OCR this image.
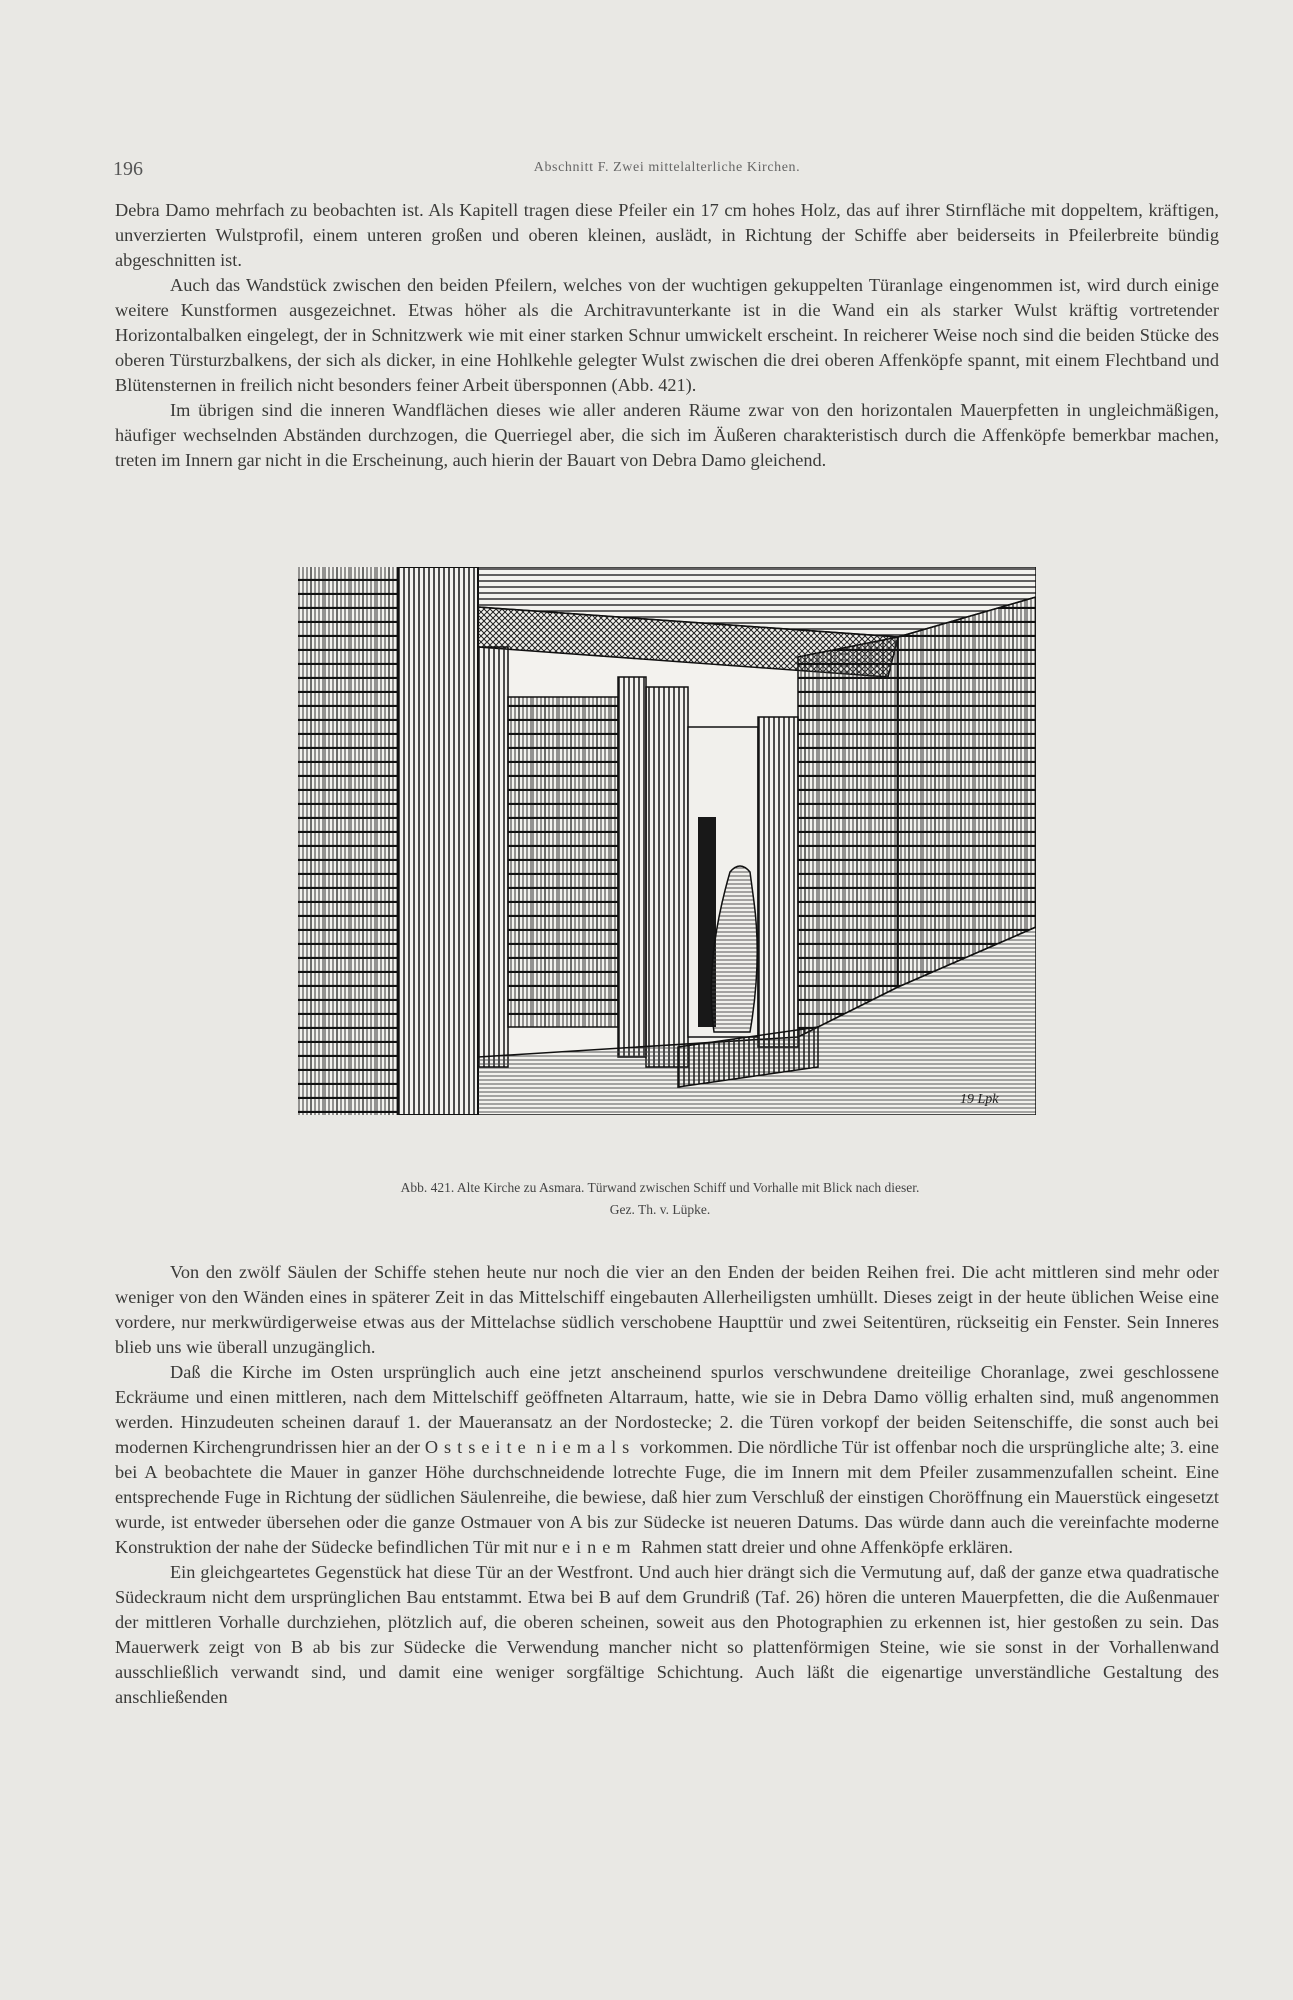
196	Abschnitt F. Zwei mittelalterliche Kirchen.

Debra Damo mehrfach zu beobachten ist. Als Kapitell tragen diese Pfeiler ein 17 cm hohes Holz, das auf ihrer Stirnfläche mit doppeltem, kräftigen, unverzierten Wulstprofil, einem unteren großen und oberen kleinen, auslädt, in Richtung der Schiffe aber beiderseits in Pfeilerbreite bündig abgeschnitten ist.

Auch das Wandstück zwischen den beiden Pfeilern, welches von der wuchtigen gekuppelten Türanlage eingenommen ist, wird durch einige weitere Kunstformen ausgezeichnet. Etwas höher als die Architravunterkante ist in die Wand ein als starker Wulst kräftig vortretender Horizontalbalken eingelegt, der in Schnitzwerk wie mit einer starken Schnur umwickelt erscheint. In reicherer Weise noch sind die beiden Stücke des oberen Türsturzbalkens, der sich als dicker, in eine Hohlkehle gelegter Wulst zwischen die drei oberen Affenköpfe spannt, mit einem Flechtband und Blütensternen in freilich nicht besonders feiner Arbeit übersponnen (Abb. 421).

Im übrigen sind die inneren Wandflächen dieses wie aller anderen Räume zwar von den horizontalen Mauerpfetten in ungleichmäßigen, häufiger wechselnden Abständen durchzogen, die Querriegel aber, die sich im Äußeren charakteristisch durch die Affenköpfe bemerkbar machen, treten im Innern gar nicht in die Erscheinung, auch hierin der Bauart von Debra Damo gleichend.

19 Lpk
Abb. 421. Alte Kirche zu Asmara. Türwand zwischen Schiff und Vorhalle mit Blick nach dieser.
Gez. Th. v. Lüpke.

Von den zwölf Säulen der Schiffe stehen heute nur noch die vier an den Enden der beiden Reihen frei. Die acht mittleren sind mehr oder weniger von den Wänden eines in späterer Zeit in das Mittelschiff eingebauten Allerheiligsten umhüllt. Dieses zeigt in der heute üblichen Weise eine vordere, nur merkwürdigerweise etwas aus der Mittelachse südlich verschobene Haupttür und zwei Seitentüren, rückseitig ein Fenster. Sein Inneres blieb uns wie überall unzugänglich.

Daß die Kirche im Osten ursprünglich auch eine jetzt anscheinend spurlos verschwundene dreiteilige Choranlage, zwei geschlossene Eckräume und einen mittleren, nach dem Mittelschiff geöffneten Altarraum, hatte, wie sie in Debra Damo völlig erhalten sind, muß angenommen werden. Hinzudeuten scheinen darauf 1. der Maueransatz an der Nordostecke; 2. die Türen vorkopf der beiden Seitenschiffe, die sonst auch bei modernen Kirchengrundrissen hier an der Ostseite niemals vorkommen. Die nördliche Tür ist offenbar noch die ursprüngliche alte; 3. eine bei A beobachtete die Mauer in ganzer Höhe durchschneidende lotrechte Fuge, die im Innern mit dem Pfeiler zusammenzufallen scheint. Eine entsprechende Fuge in Richtung der südlichen Säulenreihe, die bewiese, daß hier zum Verschluß der einstigen Choröffnung ein Mauerstück eingesetzt wurde, ist entweder übersehen oder die ganze Ostmauer von A bis zur Südecke ist neueren Datums. Das würde dann auch die vereinfachte moderne Konstruktion der nahe der Südecke befindlichen Tür mit nur einem Rahmen statt dreier und ohne Affenköpfe erklären.

Ein gleichgeartetes Gegenstück hat diese Tür an der Westfront. Und auch hier drängt sich die Vermutung auf, daß der ganze etwa quadratische Südeckraum nicht dem ursprünglichen Bau entstammt. Etwa bei B auf dem Grundriß (Taf. 26) hören die unteren Mauerpfetten, die die Außenmauer der mittleren Vorhalle durchziehen, plötzlich auf, die oberen scheinen, soweit aus den Photographien zu erkennen ist, hier gestoßen zu sein. Das Mauerwerk zeigt von B ab bis zur Südecke die Verwendung mancher nicht so plattenförmigen Steine, wie sie sonst in der Vorhallenwand ausschließlich verwandt sind, und damit eine weniger sorgfältige Schichtung. Auch läßt die eigenartige unverständliche Gestaltung des anschließenden
